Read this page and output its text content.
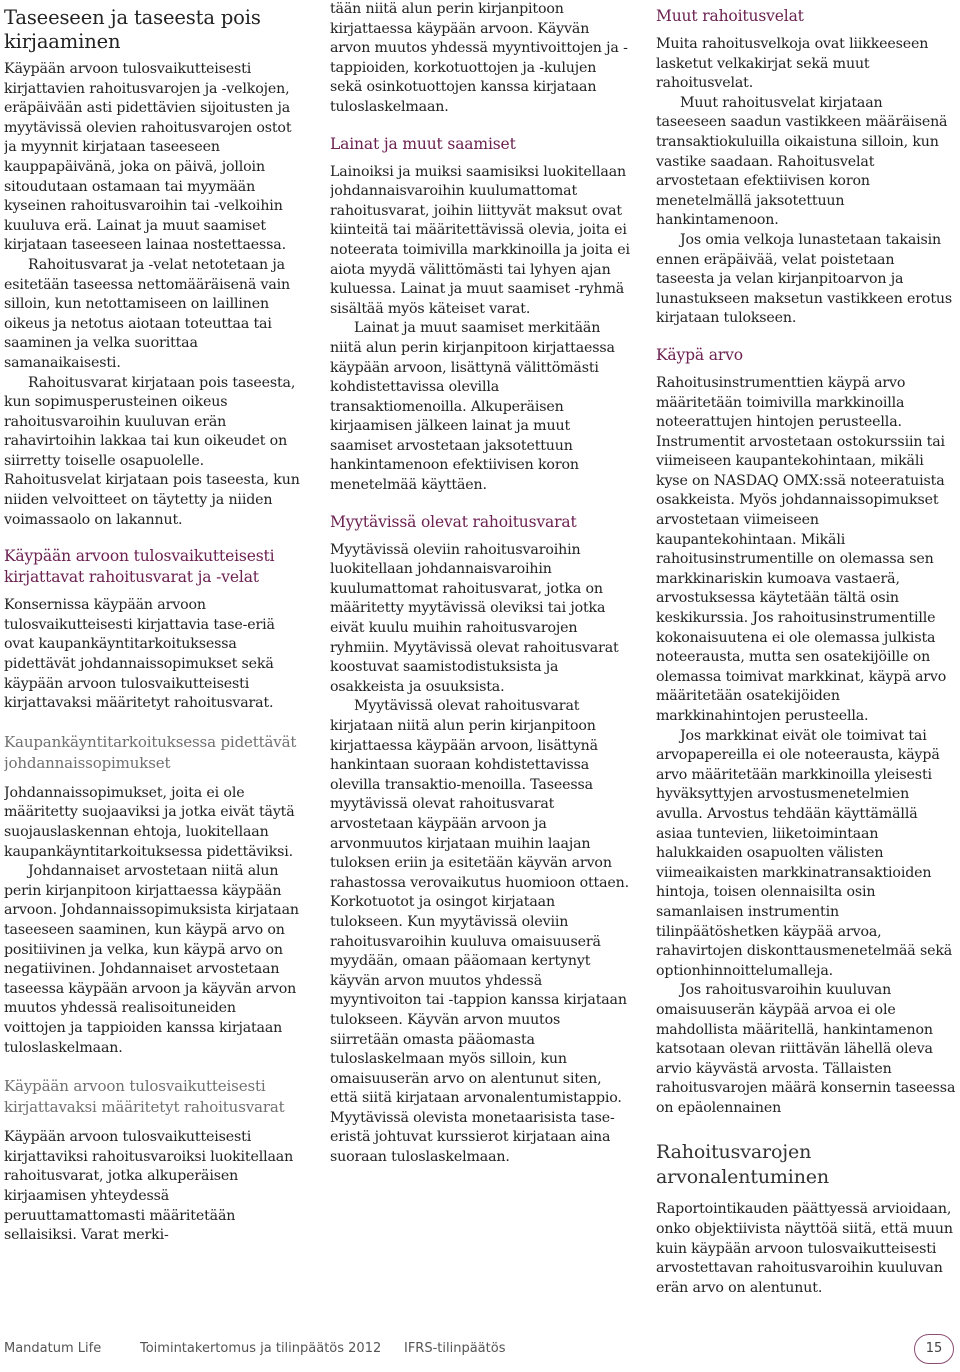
Taseeseen ja taseesta pois kirjaaminen

Käypään arvoon tulosvaikutteisesti kirjattavien rahoitusvarojen ja -velkojen, eräpäivään asti pidettävien sijoitusten ja myytävissä olevien rahoitusvarojen ostot ja myynnit kirjataan taseeseen kauppapäivänä, joka on päivä, jolloin sitoudutaan ostamaan tai myymään kyseinen rahoitusvaroihin tai -velkoihin kuuluva erä. Lainat ja muut saamiset kirjataan taseeseen lainaa nostettaessa.

Rahoitusvarat ja -velat netotetaan ja esitetään taseessa nettomääräisenä vain silloin, kun netottamiseen on laillinen oikeus ja netotus aiotaan toteuttaa tai saaminen ja velka suorittaa samanaikaisesti.

Rahoitusvarat kirjataan pois taseesta, kun sopimusperusteinen oikeus rahoitusvaroihin kuuluvan erän rahavirtoihin lakkaa tai kun oikeudet on siirretty toiselle osapuolelle. Rahoitusvelat kirjataan pois taseesta, kun niiden velvoitteet on täytetty ja niiden voimassaolo on lakannut.

Käypään arvoon tulosvaikutteisesti kirjattavat rahoitusvarat ja -velat

Konsernissa käypään arvoon tulosvaikutteisesti kirjattavia tase-eriä ovat kaupankäyntitarkoituksessa pidettävät johdannaissopimukset sekä käypään arvoon tulosvaikutteisesti kirjattavaksi määritetyt rahoitusvarat.

Kaupankäyntitarkoituksessa pidettävät johdannaissopimukset

Johdannaissopimukset, joita ei ole määritetty suojaaviksi ja jotka eivät täytä suojauslaskennan ehtoja, luokitellaan kaupankäyntitarkoituksessa pidettäviksi.

Johdannaiset arvostetaan niitä alun perin kirjanpitoon kirjattaessa käypään arvoon. Johdannaissopimuksista kirjataan taseeseen saaminen, kun käypä arvo on positiivinen ja velka, kun käypä arvo on negatiivinen. Johdannaiset arvostetaan taseessa käypään arvoon ja käyvän arvon muutos yhdessä realisoituneiden voittojen ja tappioiden kanssa kirjataan tuloslaskelmaan.

Käypään arvoon tulosvaikutteisesti kirjattavaksi määritetyt rahoitusvarat

Käypään arvoon tulosvaikutteisesti kirjattaviksi rahoitusvaroiksi luokitellaan rahoitusvarat, jotka alkuperäisen kirjaamisen yhteydessä peruuttamattomasti määritetään sellaisiksi. Varat merki-

tään niitä alun perin kirjanpitoon kirjattaessa käypään arvoon. Käyvän arvon muutos yhdessä myyntivoittojen ja -tappioiden, korkotuottojen ja -kulujen sekä osinkotuottojen kanssa kirjataan tuloslaskelmaan.

Lainat ja muut saamiset

Lainoiksi ja muiksi saamisiksi luokitellaan johdannaisvaroihin kuulumattomat rahoitusvarat, joihin liittyvät maksut ovat kiinteitä tai määritettävissä olevia, joita ei noteerata toimivilla markkinoilla ja joita ei aiota myydä välittömästi tai lyhyen ajan kuluessa. Lainat ja muut saamiset -ryhmä sisältää myös käteiset varat.

Lainat ja muut saamiset merkitään niitä alun perin kirjanpitoon kirjattaessa käypään arvoon, lisättynä välittömästi kohdistettavissa olevilla transaktiomenoilla. Alkuperäisen kirjaamisen jälkeen lainat ja muut saamiset arvostetaan jaksotettuun hankintamenoon efektiivisen koron menetelmää käyttäen.

Myytävissä olevat rahoitusvarat

Myytävissä oleviin rahoitusvaroihin luokitellaan johdannaisvaroihin kuulumattomat rahoitusvarat, jotka on määritetty myytävissä oleviksi tai jotka eivät kuulu muihin rahoitusvarojen ryhmiin. Myytävissä olevat rahoitusvarat koostuvat saamistodistuksista ja osakkeista ja osuuksista.

Myytävissä olevat rahoitusvarat kirjataan niitä alun perin kirjanpitoon kirjattaessa käypään arvoon, lisättynä hankintaan suoraan kohdistettavissa olevilla transaktio-menoilla. Taseessa myytävissä olevat rahoitusvarat arvostetaan käypään arvoon ja arvonmuutos kirjataan muihin laajan tuloksen eriin ja esitetään käyvän arvon rahastossa verovaikutus huomioon ottaen. Korkotuotot ja osingot kirjataan tulokseen. Kun myytävissä oleviin rahoitusvaroihin kuuluva omaisuuserä myydään, omaan pääomaan kertynyt käyvän arvon muutos yhdessä myyntivoiton tai -tappion kanssa kirjataan tulokseen. Käyvän arvon muutos siirretään omasta pääomasta tuloslaskelmaan myös silloin, kun omaisuuserän arvo on alentunut siten, että siitä kirjataan arvonalentumistappio. Myytävissä olevista monetaarisista tase-eristä johtuvat kurssierot kirjataan aina suoraan tuloslaskelmaan.

Muut rahoitusvelat

Muita rahoitusvelkoja ovat liikkeeseen lasketut velkakirjat sekä muut rahoitusvelat.

Muut rahoitusvelat kirjataan taseeseen saadun vastikkeen määräisenä transaktiokuluilla oikaistuna silloin, kun vastike saadaan. Rahoitusvelat arvostetaan efektiivisen koron menetelmällä jaksotettuun hankintamenoon.

Jos omia velkoja lunastetaan takaisin ennen eräpäivää, velat poistetaan taseesta ja velan kirjanpitoarvon ja lunastukseen maksetun vastikkeen erotus kirjataan tulokseen.

Käypä arvo

Rahoitusinstrumenttien käypä arvo määritetään toimivilla markkinoilla noteerattujen hintojen perusteella. Instrumentit arvostetaan ostokurssiin tai viimeiseen kaupantekohintaan, mikäli kyse on NASDAQ OMX:ssä noteeratuista osakkeista. Myös johdannaissopimukset arvostetaan viimeiseen kaupantekohintaan. Mikäli rahoitusinstrumentille on olemassa sen markkinariskin kumoava vastaerä, arvostuksessa käytetään tältä osin keskikurssia. Jos rahoitusinstrumentille kokonaisuutena ei ole olemassa julkista noteerausta, mutta sen osatekijöille on olemassa toimivat markkinat, käypä arvo määritetään osatekijöiden markkinahintojen perusteella.

Jos markkinat eivät ole toimivat tai arvopapereilla ei ole noteerausta, käypä arvo määritetään markkinoilla yleisesti hyväksyttyjen arvostusmenetelmien avulla. Arvostus tehdään käyttämällä asiaa tuntevien, liiketoimintaan halukkaiden osapuolten välisten viimeaikaisten markkinatransaktioiden hintoja, toisen olennaisilta osin samanlaisen instrumentin tilinpäätöshetken käypää arvoa, rahavirtojen diskonttausmenetelmää sekä optionhinnoittelumalleja.

Jos rahoitusvaroihin kuuluvan omaisuuserän käypää arvoa ei ole mahdollista määritellä, hankintamenon katsotaan olevan riittävän lähellä oleva arvio käyvästä arvosta. Tällaisten rahoitusvarojen määrä konsernin taseessa on epäolennainen

Rahoitusvarojen arvonalentuminen

Raportointikauden päättyessä arvioidaan, onko objektiivista näyttöä siitä, että muun kuin käypään arvoon tulosvaikutteisesti arvostettavan rahoitusvaroihin kuuluvan erän arvo on alentunut.

Mandatum Life	Toimintakertomus ja tilinpäätös 2012 IFRS-tilinpäätös	15
